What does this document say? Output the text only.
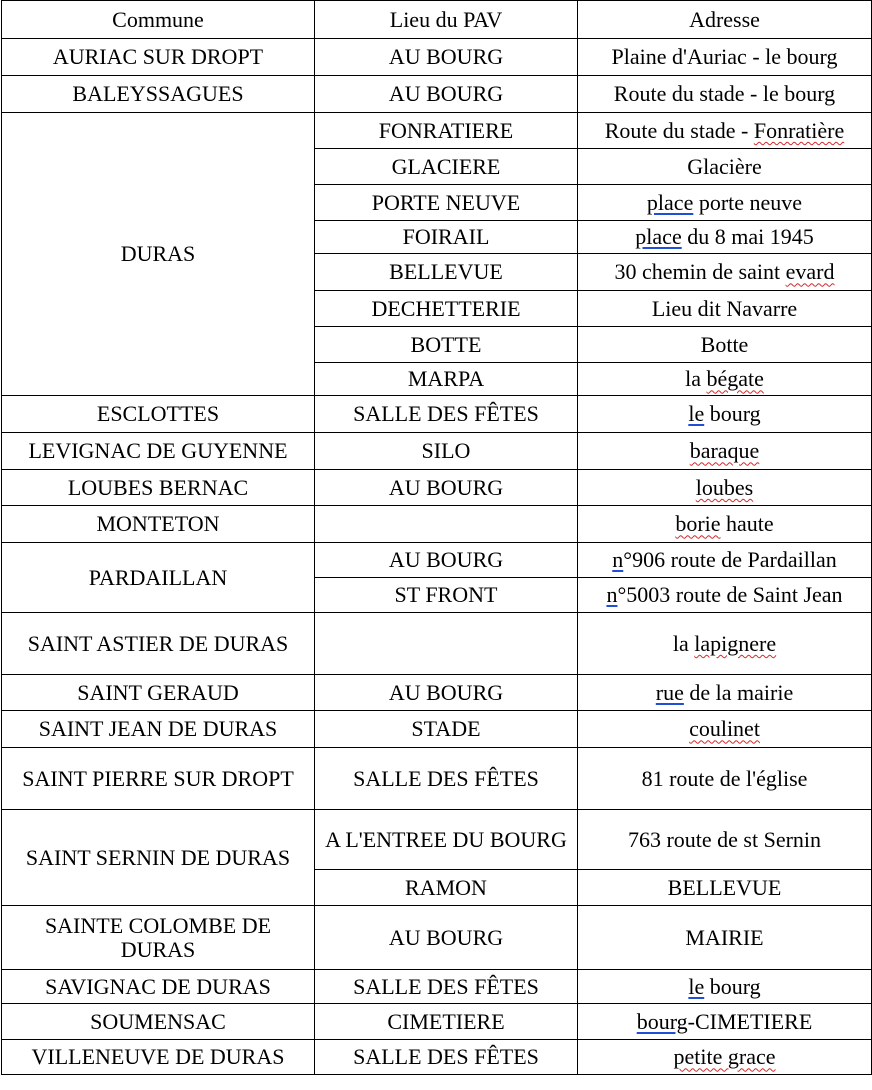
Commune	Lieu du PAV	Adresse
AURIAC SUR DROPT	AU BOURG	Plaine d'Auriac - le bourg
BALEYSSAGUES	AU BOURG	Route du stade - le bourg
DURAS	FONRATIERE	Route du stade - Fonratière
	GLACIERE	Glacière
	PORTE NEUVE	place porte neuve
	FOIRAIL	place du 8 mai 1945
	BELLEVUE	30 chemin de saint evard
	DECHETTERIE	Lieu dit Navarre
	BOTTE	Botte
	MARPA	la bégate
ESCLOTTES	SALLE DES FÊTES	le bourg
LEVIGNAC DE GUYENNE	SILO	baraque
LOUBES BERNAC	AU BOURG	loubes
MONTETON		borie haute
PARDAILLAN	AU BOURG	n°906 route de Pardaillan
	ST FRONT	n°5003 route de Saint Jean
SAINT ASTIER DE DURAS		la lapignere
SAINT GERAUD	AU BOURG	rue de la mairie
SAINT JEAN DE DURAS	STADE	coulinet
SAINT PIERRE SUR DROPT	SALLE DES FÊTES	81 route de l'église
SAINT SERNIN DE DURAS	A L'ENTREE DU BOURG	763 route de st Sernin
	RAMON	BELLEVUE
SAINTE COLOMBE DE DURAS	AU BOURG	MAIRIE
SAVIGNAC DE DURAS	SALLE DES FÊTES	le bourg
SOUMENSAC	CIMETIERE	bourg-CIMETIERE
VILLENEUVE DE DURAS	SALLE DES FÊTES	petite grace
